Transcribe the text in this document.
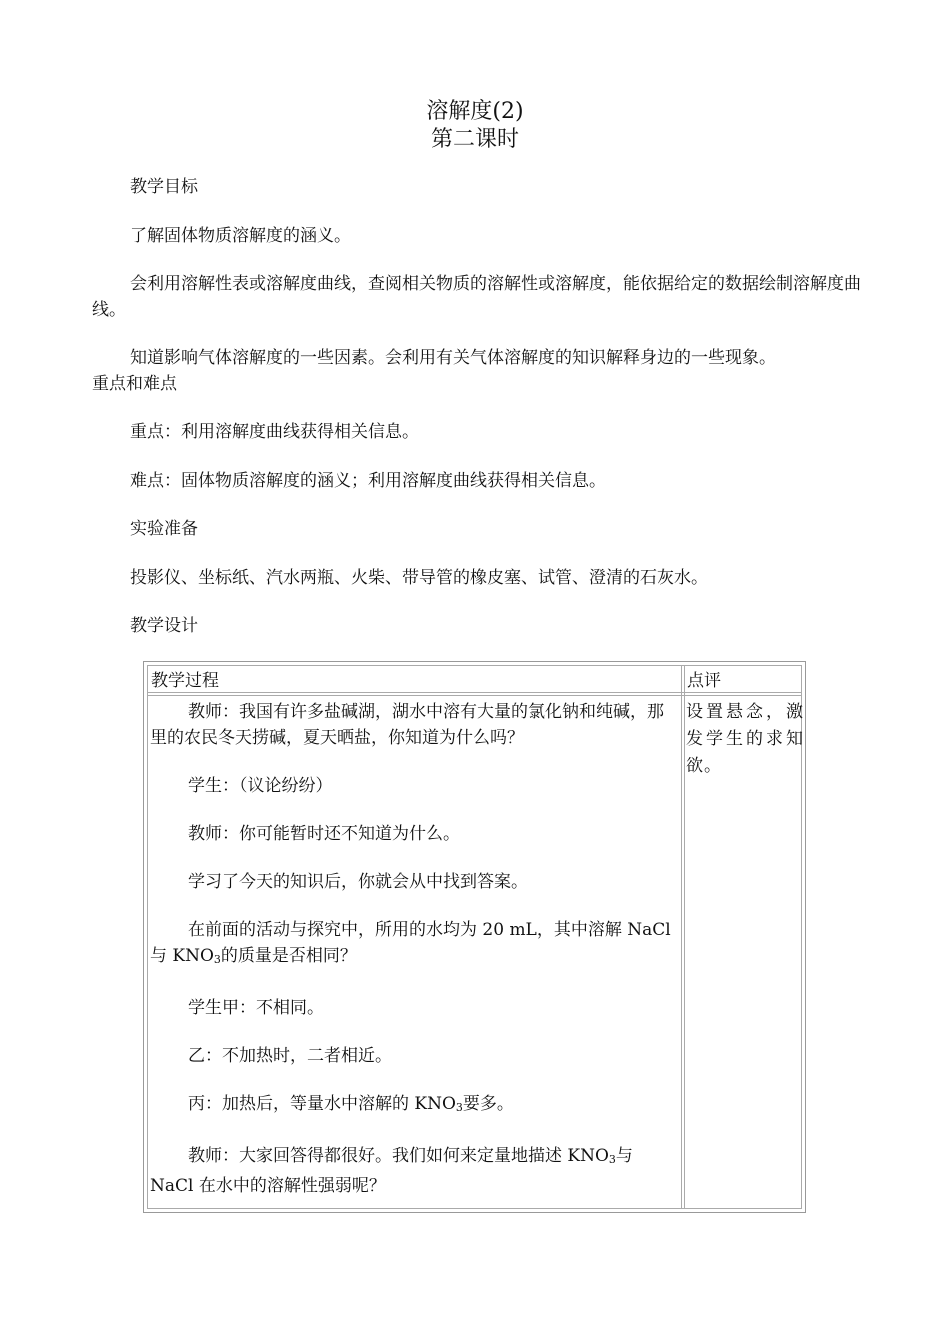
溶解度(2)
第二课时

教学目标

了解固体物质溶解度的涵义。

会利用溶解性表或溶解度曲线，查阅相关物质的溶解性或溶解度，能依据给定的数据绘制溶解度曲线。

知道影响气体溶解度的一些因素。会利用有关气体溶解度的知识解释身边的一些现象。

重点和难点

重点：利用溶解度曲线获得相关信息。

难点：固体物质溶解度的涵义；利用溶解度曲线获得相关信息。

实验准备

投影仪、坐标纸、汽水两瓶、火柴、带导管的橡皮塞、试管、澄清的石灰水。

教学设计

教学过程	点评

教师：我国有许多盐碱湖，湖水中溶有大量的氯化钠和纯碱，那里的农民冬天捞碱，夏天晒盐，你知道为什么吗？

学生：（议论纷纷）

教师：你可能暂时还不知道为什么。

学习了今天的知识后，你就会从中找到答案。

在前面的活动与探究中，所用的水均为 20 mL，其中溶解 NaCl 与 $KNO_3$的质量是否相同？

学生甲：不相同。

乙：不加热时，二者相近。

丙：加热后，等量水中溶解的 $KNO_3$要多。

教师：大家回答得都很好。我们如何来定量地描述 $KNO_3$与 NaCl 在水中的溶解性强弱呢？

设置悬念，激发学生的求知欲。
